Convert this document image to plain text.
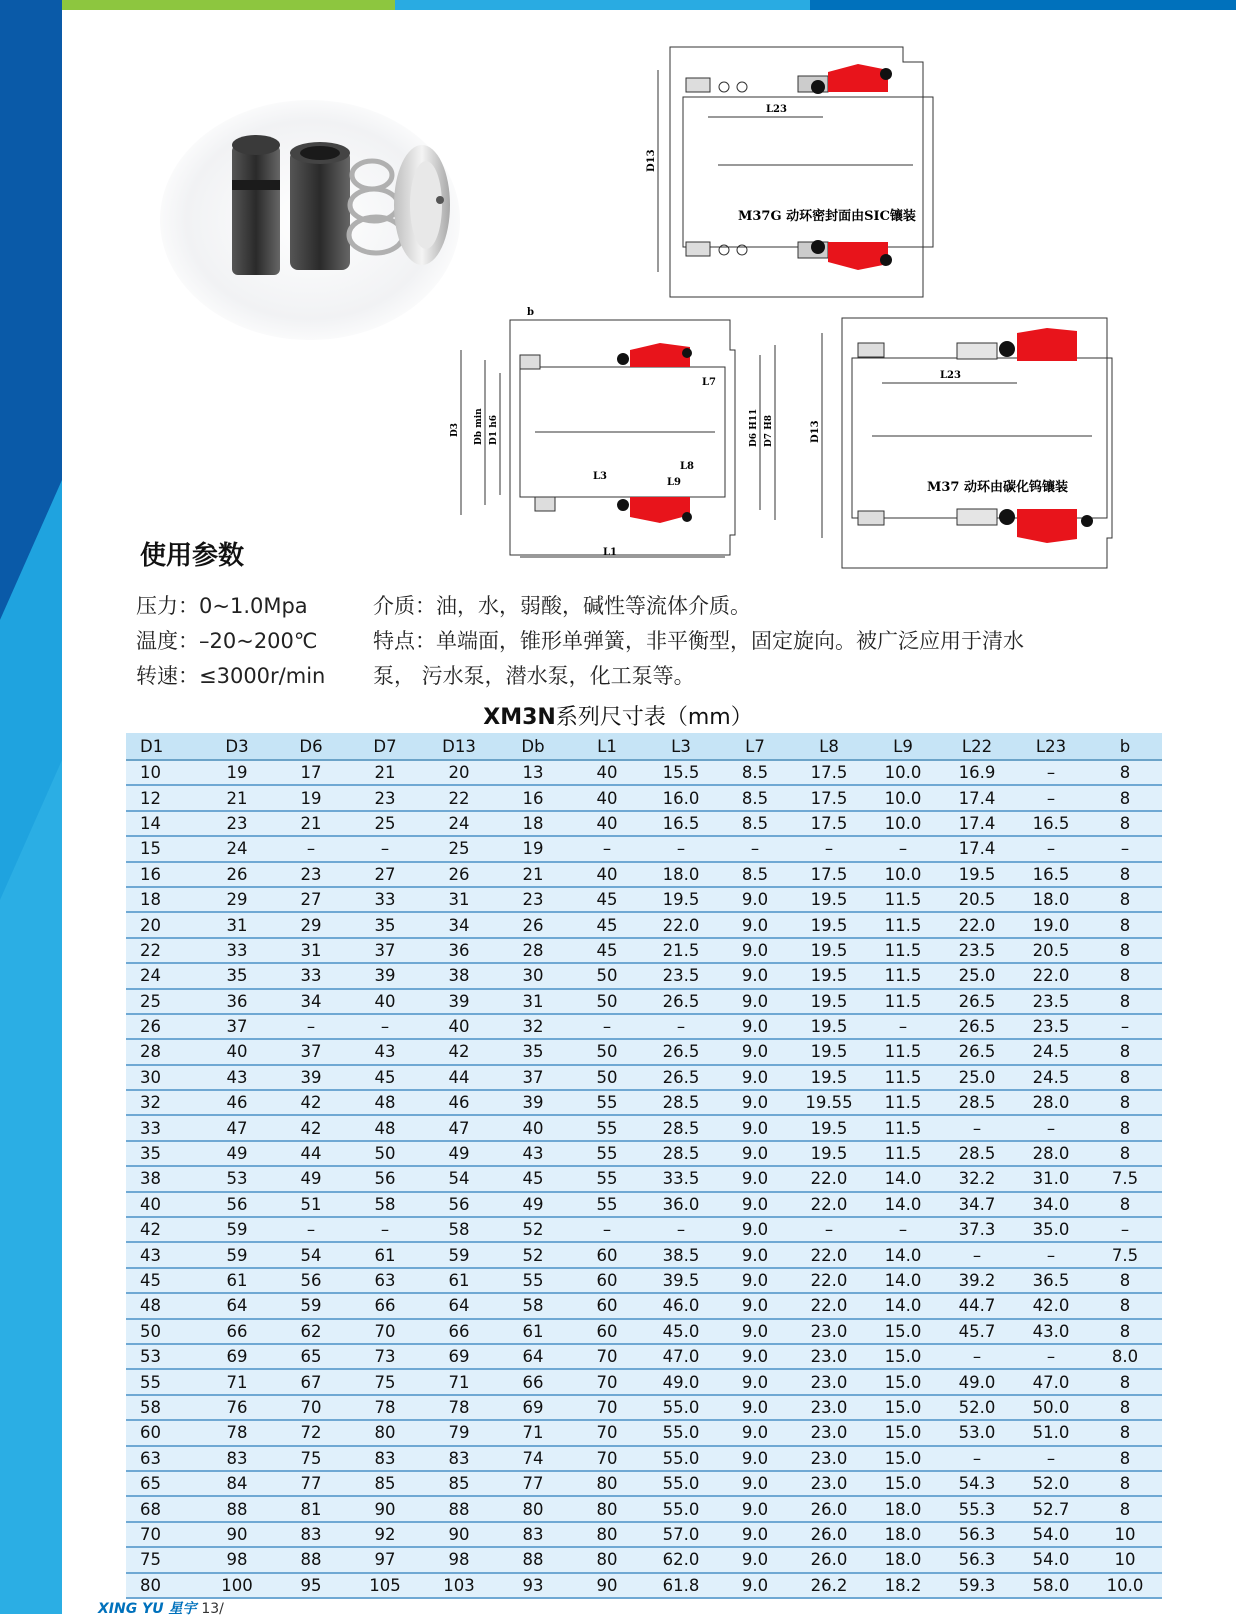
D13
L23
M37G 动环密封面由SIC镶装
b
L7
L8
L9
L3
L1
D3 Db min D1 h6	D6 H11 D7 H8	D13
L23
M37 动环由碳化钨镶装
使用参数
压力：0~1.0Mpa
温度：–20~200℃
转速：≤3000r/min
介质：油，水，弱酸，碱性等流体介质。
特点：单端面，锥形单弹簧，非平衡型，固定旋向。被广泛应用于清水
泵， 污水泵，潜水泵，化工泵等。
XM3N系列尺寸表（mm）
D1	D3	D6	D7	D13	Db	L1	L3	L7	L8	L9	L22	L23	b
10	19	17	21	20	13	40	15.5	8.5	17.5	10.0	16.9	–	8
12	21	19	23	22	16	40	16.0	8.5	17.5	10.0	17.4	–	8
14	23	21	25	24	18	40	16.5	8.5	17.5	10.0	17.4	16.5	8
15	24	–	–	25	19	–	–	–	–	–	17.4	–	–
16	26	23	27	26	21	40	18.0	8.5	17.5	10.0	19.5	16.5	8
18	29	27	33	31	23	45	19.5	9.0	19.5	11.5	20.5	18.0	8
20	31	29	35	34	26	45	22.0	9.0	19.5	11.5	22.0	19.0	8
22	33	31	37	36	28	45	21.5	9.0	19.5	11.5	23.5	20.5	8
24	35	33	39	38	30	50	23.5	9.0	19.5	11.5	25.0	22.0	8
25	36	34	40	39	31	50	26.5	9.0	19.5	11.5	26.5	23.5	8
26	37	–	–	40	32	–	–	9.0	19.5	–	26.5	23.5	–
28	40	37	43	42	35	50	26.5	9.0	19.5	11.5	26.5	24.5	8
30	43	39	45	44	37	50	26.5	9.0	19.5	11.5	25.0	24.5	8
32	46	42	48	46	39	55	28.5	9.0	19.55	11.5	28.5	28.0	8
33	47	42	48	47	40	55	28.5	9.0	19.5	11.5	–	–	8
35	49	44	50	49	43	55	28.5	9.0	19.5	11.5	28.5	28.0	8
38	53	49	56	54	45	55	33.5	9.0	22.0	14.0	32.2	31.0	7.5
40	56	51	58	56	49	55	36.0	9.0	22.0	14.0	34.7	34.0	8
42	59	–	–	58	52	–	–	9.0	–	–	37.3	35.0	–
43	59	54	61	59	52	60	38.5	9.0	22.0	14.0	–	–	7.5
45	61	56	63	61	55	60	39.5	9.0	22.0	14.0	39.2	36.5	8
48	64	59	66	64	58	60	46.0	9.0	22.0	14.0	44.7	42.0	8
50	66	62	70	66	61	60	45.0	9.0	23.0	15.0	45.7	43.0	8
53	69	65	73	69	64	70	47.0	9.0	23.0	15.0	–	–	8.0
55	71	67	75	71	66	70	49.0	9.0	23.0	15.0	49.0	47.0	8
58	76	70	78	78	69	70	55.0	9.0	23.0	15.0	52.0	50.0	8
60	78	72	80	79	71	70	55.0	9.0	23.0	15.0	53.0	51.0	8
63	83	75	83	83	74	70	55.0	9.0	23.0	15.0	–	–	8
65	84	77	85	85	77	80	55.0	9.0	23.0	15.0	54.3	52.0	8
68	88	81	90	88	80	80	55.0	9.0	26.0	18.0	55.3	52.7	8
70	90	83	92	90	83	80	57.0	9.0	26.0	18.0	56.3	54.0	10
75	98	88	97	98	88	80	62.0	9.0	26.0	18.0	56.3	54.0	10
80	100	95	105	103	93	90	61.8	9.0	26.2	18.2	59.3	58.0	10.0
XING YU 星宇 13/
